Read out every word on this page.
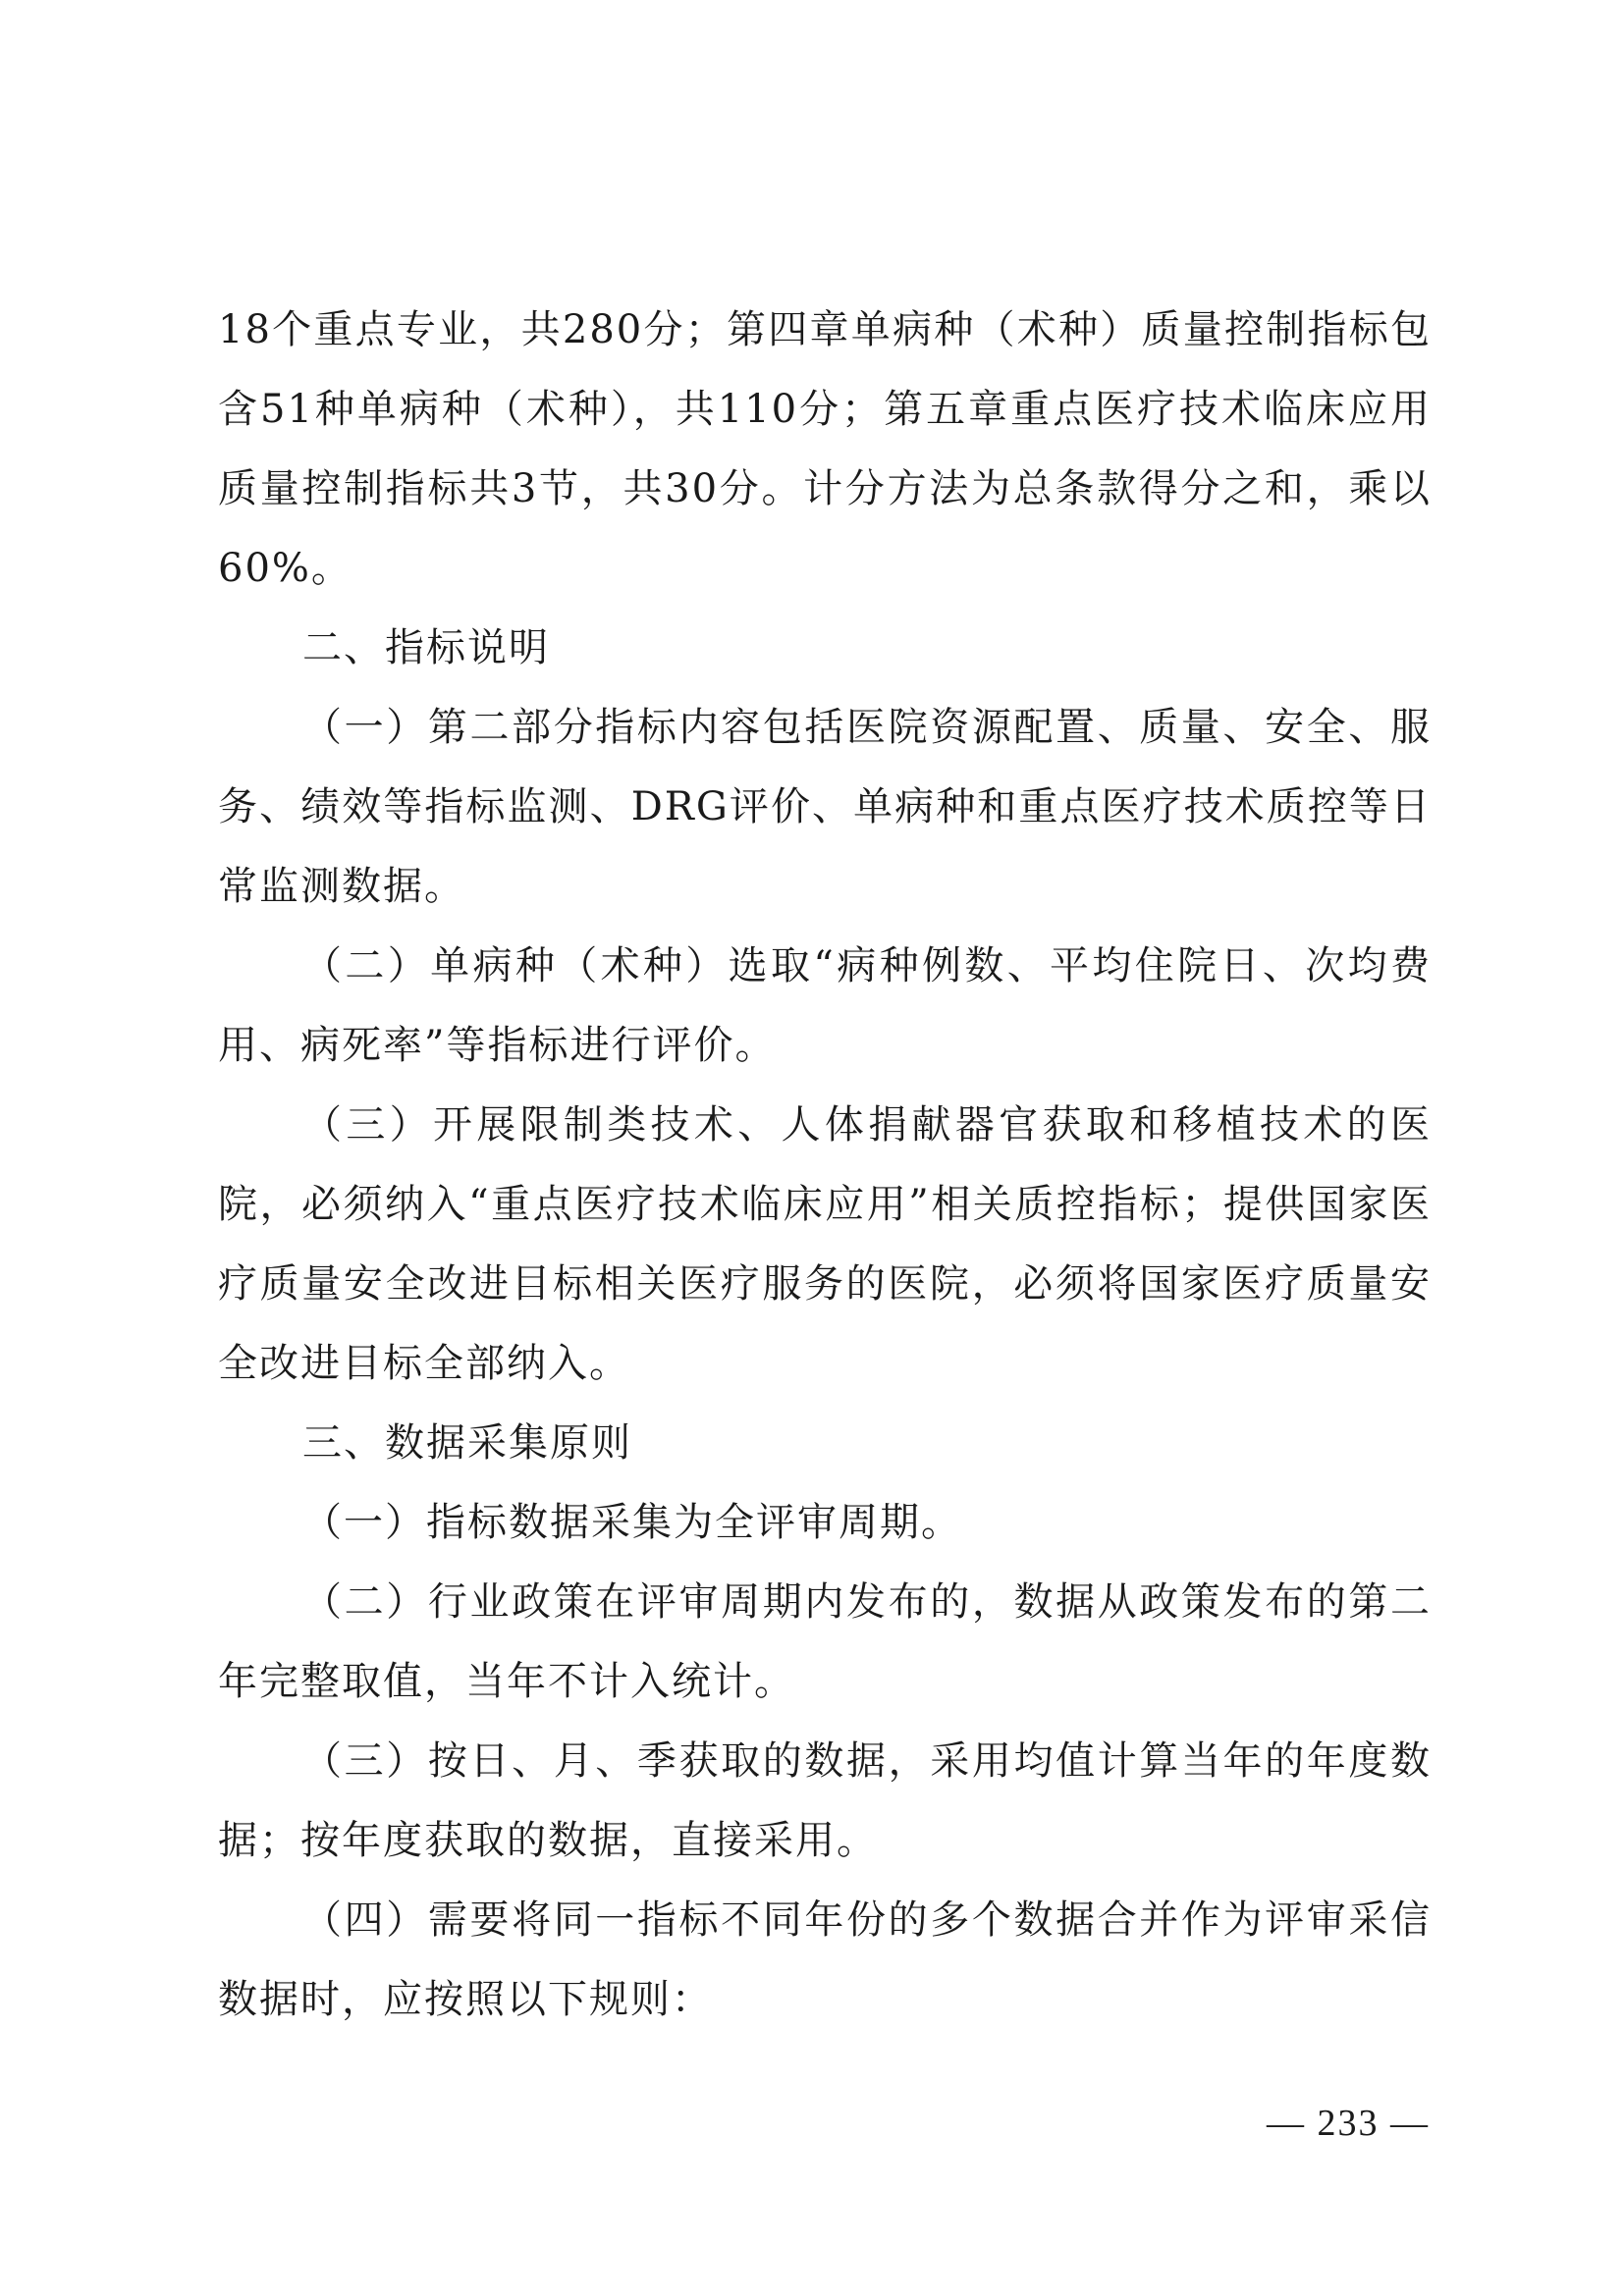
18个重点专业，共280分；第四章单病种（术种）质量控制指标包含51种单病种（术种），共110分；第五章重点医疗技术临床应用质量控制指标共3节，共30分。计分方法为总条款得分之和，乘以60%。

二、指标说明

（一）第二部分指标内容包括医院资源配置、质量、安全、服务、绩效等指标监测、DRG评价、单病种和重点医疗技术质控等日常监测数据。

（二）单病种（术种）选取“病种例数、平均住院日、次均费用、病死率”等指标进行评价。

（三）开展限制类技术、人体捐献器官获取和移植技术的医院，必须纳入“重点医疗技术临床应用”相关质控指标；提供国家医疗质量安全改进目标相关医疗服务的医院，必须将国家医疗质量安全改进目标全部纳入。

三、数据采集原则

（一）指标数据采集为全评审周期。

（二）行业政策在评审周期内发布的，数据从政策发布的第二年完整取值，当年不计入统计。

（三）按日、月、季获取的数据，采用均值计算当年的年度数据；按年度获取的数据，直接采用。

（四）需要将同一指标不同年份的多个数据合并作为评审采信数据时，应按照以下规则：

— 233 —
